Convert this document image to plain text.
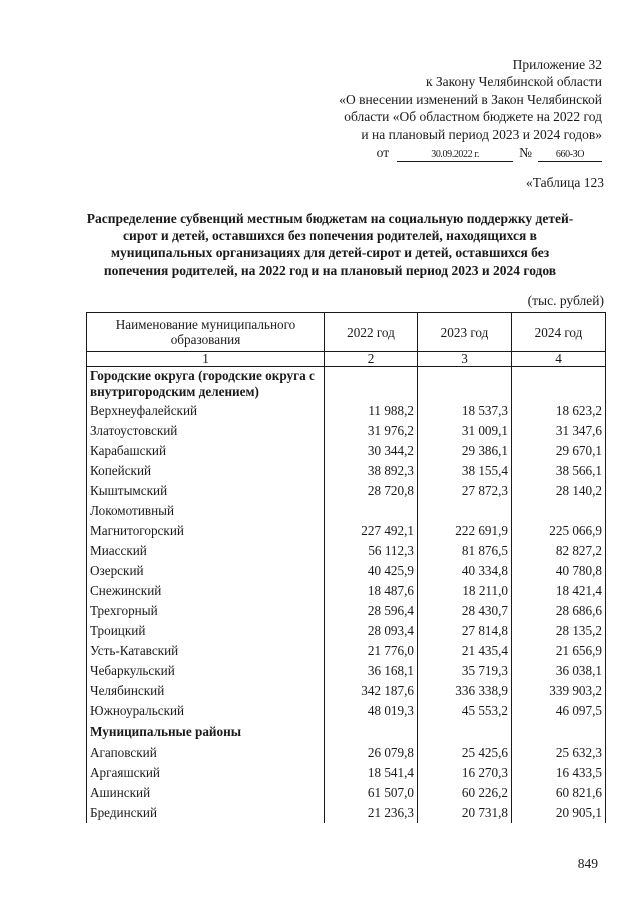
Приложение 32
к Закону Челябинской области
«О внесении изменений в Закон Челябинской
области «Об областном бюджете на 2022 год
и на плановый период 2023 и 2024 годов»
от	30.09.2022 г.	№ 660-ЗО
«Таблица 123
Распределение субвенций местным бюджетам на социальную поддержку детей-сирот и детей, оставшихся без попечения родителей, находящихся в муниципальных организациях для детей-сирот и детей, оставшихся без попечения родителей, на 2022 год и на плановый период 2023 и 2024 годов
(тыс. рублей)
Наименование муниципального образования	2022 год	2023 год	2024 год
1	2	3	4
Городские округа (городские округа с внутригородским делением)			
Верхнеуфалейский	11 988,2	18 537,3	18 623,2
Златоустовский	31 976,2	31 009,1	31 347,6
Карабашский	30 344,2	29 386,1	29 670,1
Копейский	38 892,3	38 155,4	38 566,1
Кыштымский	28 720,8	27 872,3	28 140,2
Локомотивный			
Магнитогорский	227 492,1	222 691,9	225 066,9
Миасский	56 112,3	81 876,5	82 827,2
Озерский	40 425,9	40 334,8	40 780,8
Снежинский	18 487,6	18 211,0	18 421,4
Трехгорный	28 596,4	28 430,7	28 686,6
Троицкий	28 093,4	27 814,8	28 135,2
Усть-Катавский	21 776,0	21 435,4	21 656,9
Чебаркульский	36 168,1	35 719,3	36 038,1
Челябинский	342 187,6	336 338,9	339 903,2
Южноуральский	48 019,3	45 553,2	46 097,5
Муниципальные районы			
Агаповский	26 079,8	25 425,6	25 632,3
Аргаяшский	18 541,4	16 270,3	16 433,5
Ашинский	61 507,0	60 226,2	60 821,6
Брединский	21 236,3	20 731,8	20 905,1
849
